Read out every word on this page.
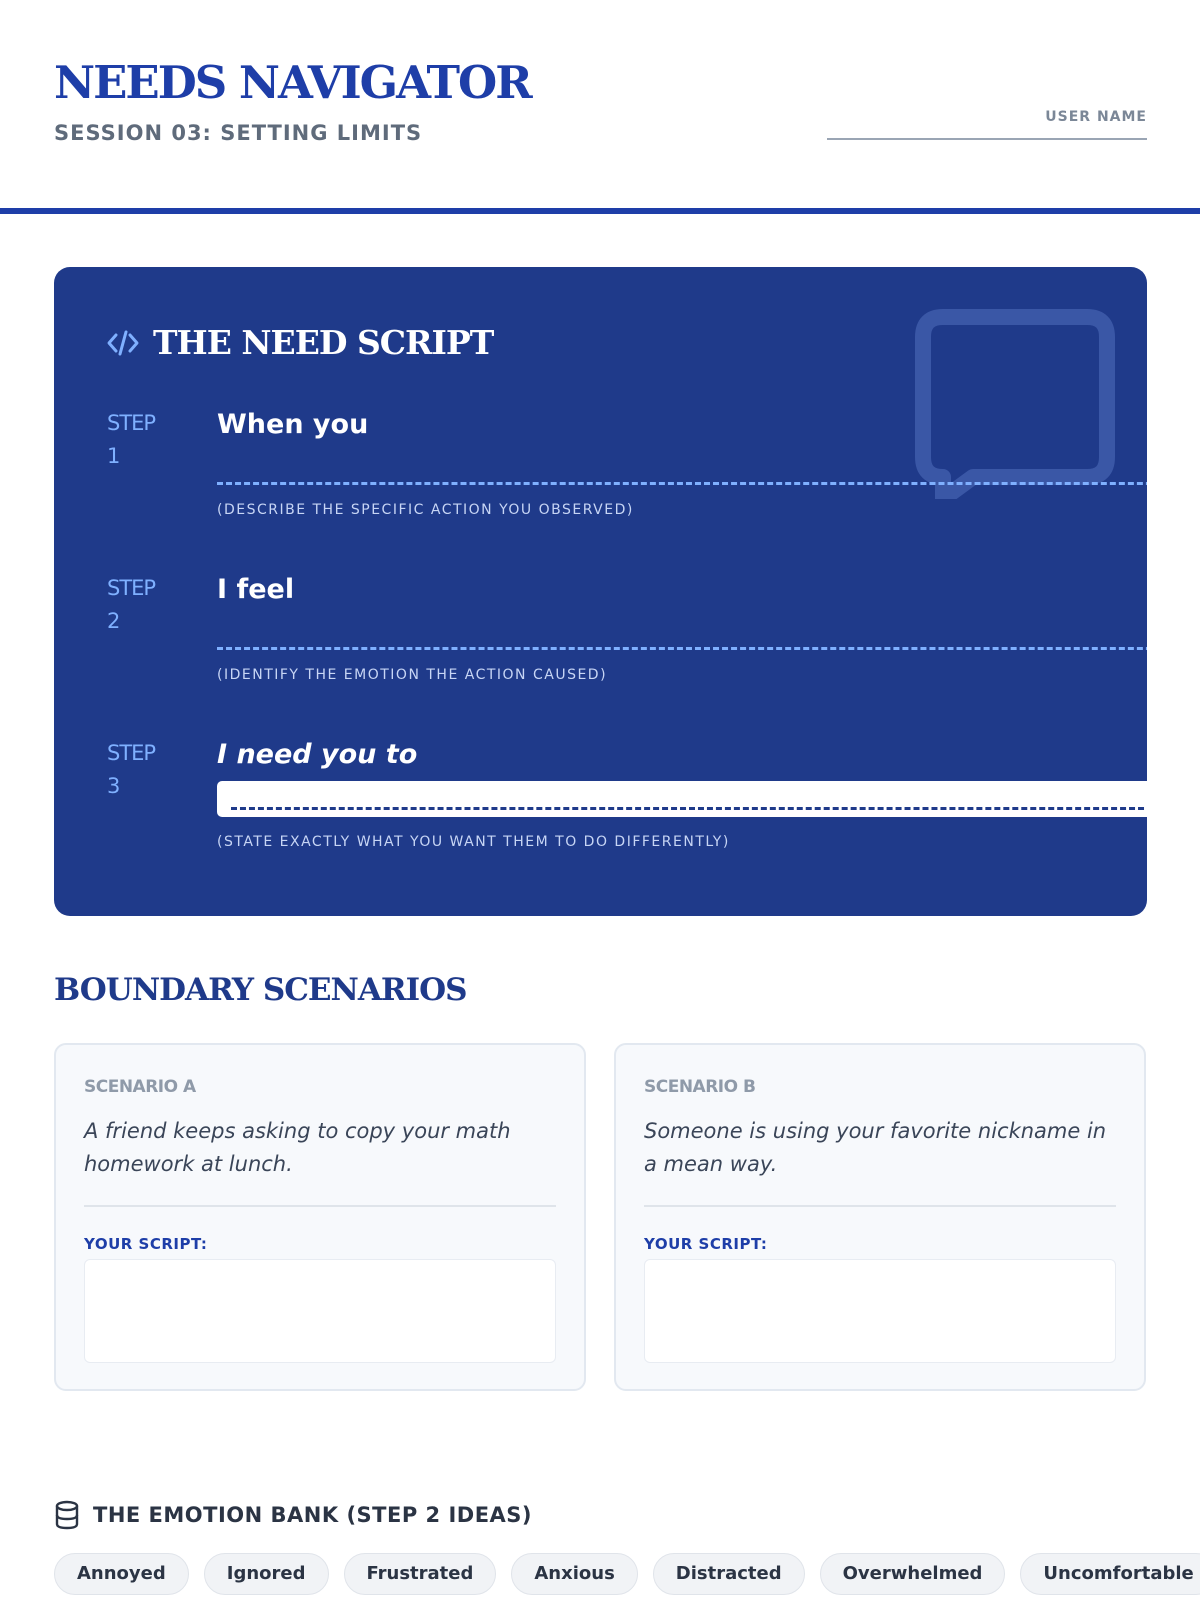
NEEDS NAVIGATOR
SESSION 03: SETTING LIMITS
USER NAME
THE NEED SCRIPT
STEP 1
When you
(DESCRIBE THE SPECIFIC ACTION YOU OBSERVED)
STEP 2
I feel
(IDENTIFY THE EMOTION THE ACTION CAUSED)
STEP 3
I need you to
(STATE EXACTLY WHAT YOU WANT THEM TO DO DIFFERENTLY)
BOUNDARY SCENARIOS
SCENARIO A
A friend keeps asking to copy your math homework at lunch.
YOUR SCRIPT:
SCENARIO B
Someone is using your favorite nickname in a mean way.
YOUR SCRIPT:
THE EMOTION BANK (STEP 2 IDEAS)
Annoyed	Ignored	Frustrated	Anxious	Distracted	Overwhelmed	Uncomfortable
